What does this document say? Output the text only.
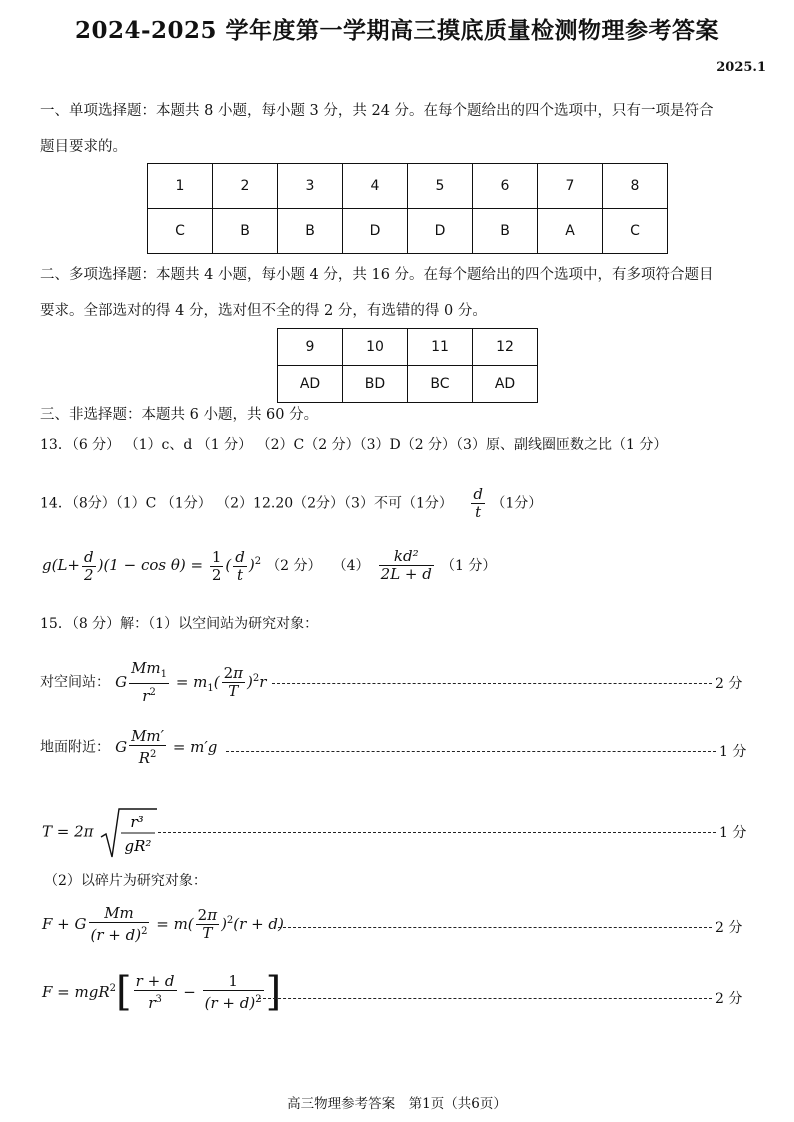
2024-2025 学年度第一学期高三摸底质量检测物理参考答案
2025.1
一、单项选择题：本题共 8 小题，每小题 3 分，共 24 分。在每个题给出的四个选项中，只有一项是符合
题目要求的。
1	2	3	4	5	6	7	8
C	B	B	D	D	B	A	C
二、多项选择题：本题共 4 小题，每小题 4 分，共 16 分。在每个题给出的四个选项中，有多项符合题目
要求。全部选对的得 4 分，选对但不全的得 2 分，有选错的得 0 分。
9	10	11	12
AD	BD	BC	AD
三、非选择题：本题共 6 小题，共 60 分。
13．（6 分） （1）c、d （1 分） （2）C（2 分）（3）D（2 分）（3）原、副线圈匝数之比（1 分）
14．（8分）（1）C （1分） （2）12.20（2分）（3）不可（1分） $\frac{d}{t} (1$分）
$g(L+ \frac{d}{2} )(1 - \cos \theta) = \frac{1}{2}$ ( $\frac{d}{t} )^2$ （2 分） $(4) \frac{\text{kd²}}{2L + d} (1$ 分）
15．（8 分）解：（1）以空间站为研究对象：
对空间站： G $\frac{Mm_1}{r^2} = m_1( \frac{2\pi}{T} )^2r$	2 分
地面附近： G $\frac{Mm'}{R^2} = m'g$	1 分
T = 2π
r³
gR²
1 分
（2）以碎片为研究对象：
F + G $\frac{Mm}{(r + d)^2} = m( \frac{2\pi}{T} )^2(r + d)$	2 分
$F = mgR^2[ \frac{r + d}{r^3} - \frac{1}{(r + d)^2}$ ]	2 分
高三物理参考答案　第1页（共6页）
